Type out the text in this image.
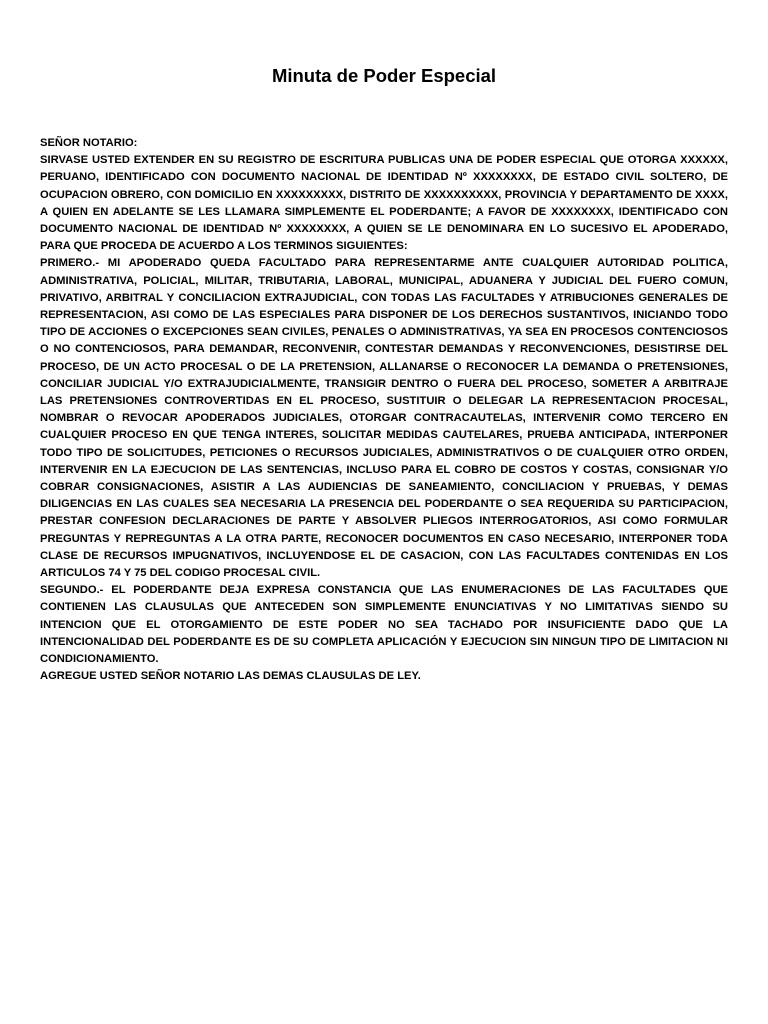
Minuta de Poder Especial

SEÑOR NOTARIO:

SIRVASE USTED EXTENDER EN SU REGISTRO DE ESCRITURA PUBLICAS UNA DE PODER ESPECIAL QUE OTORGA XXXXXX, PERUANO, IDENTIFICADO CON DOCUMENTO NACIONAL DE IDENTIDAD Nº XXXXXXXX, DE ESTADO CIVIL SOLTERO, DE OCUPACION OBRERO, CON DOMICILIO EN XXXXXXXXX, DISTRITO DE XXXXXXXXXX, PROVINCIA Y DEPARTAMENTO DE XXXX, A QUIEN EN ADELANTE SE LES LLAMARA SIMPLEMENTE EL PODERDANTE; A FAVOR DE XXXXXXXX, IDENTIFICADO CON DOCUMENTO NACIONAL DE IDENTIDAD Nº XXXXXXXX, A QUIEN SE LE DENOMINARA EN LO SUCESIVO EL APODERADO, PARA QUE PROCEDA DE ACUERDO A LOS TERMINOS SIGUIENTES:

PRIMERO.- MI APODERADO QUEDA FACULTADO PARA REPRESENTARME ANTE CUALQUIER AUTORIDAD POLITICA, ADMINISTRATIVA, POLICIAL, MILITAR, TRIBUTARIA, LABORAL, MUNICIPAL, ADUANERA Y JUDICIAL DEL FUERO COMUN, PRIVATIVO, ARBITRAL Y CONCILIACION EXTRAJUDICIAL, CON TODAS LAS FACULTADES Y ATRIBUCIONES GENERALES DE REPRESENTACION, ASI COMO DE LAS ESPECIALES PARA DISPONER DE LOS DERECHOS SUSTANTIVOS, INICIANDO TODO TIPO DE ACCIONES O EXCEPCIONES SEAN CIVILES, PENALES O ADMINISTRATIVAS, YA SEA EN PROCESOS CONTENCIOSOS O NO CONTENCIOSOS, PARA DEMANDAR, RECONVENIR, CONTESTAR DEMANDAS Y RECONVENCIONES, DESISTIRSE DEL PROCESO, DE UN ACTO PROCESAL O DE LA PRETENSION, ALLANARSE O RECONOCER LA DEMANDA O PRETENSIONES, CONCILIAR JUDICIAL Y/O EXTRAJUDICIALMENTE, TRANSIGIR DENTRO O FUERA DEL PROCESO, SOMETER A ARBITRAJE LAS PRETENSIONES CONTROVERTIDAS EN EL PROCESO, SUSTITUIR O DELEGAR LA REPRESENTACION PROCESAL, NOMBRAR O REVOCAR APODERADOS JUDICIALES, OTORGAR CONTRACAUTELAS, INTERVENIR COMO TERCERO EN CUALQUIER PROCESO EN QUE TENGA INTERES, SOLICITAR MEDIDAS CAUTELARES, PRUEBA ANTICIPADA, INTERPONER TODO TIPO DE SOLICITUDES, PETICIONES O RECURSOS JUDICIALES, ADMINISTRATIVOS O DE CUALQUIER OTRO ORDEN, INTERVENIR EN LA EJECUCION DE LAS SENTENCIAS, INCLUSO PARA EL COBRO DE COSTOS Y COSTAS, CONSIGNAR Y/O COBRAR CONSIGNACIONES, ASISTIR A LAS AUDIENCIAS DE SANEAMIENTO, CONCILIACION Y PRUEBAS, Y DEMAS DILIGENCIAS EN LAS CUALES SEA NECESARIA LA PRESENCIA DEL PODERDANTE O SEA REQUERIDA SU PARTICIPACION, PRESTAR CONFESION DECLARACIONES DE PARTE Y ABSOLVER PLIEGOS INTERROGATORIOS, ASI COMO FORMULAR PREGUNTAS Y REPREGUNTAS A LA OTRA PARTE, RECONOCER DOCUMENTOS EN CASO NECESARIO, INTERPONER TODA CLASE DE RECURSOS IMPUGNATIVOS, INCLUYENDOSE EL DE CASACION, CON LAS FACULTADES CONTENIDAS EN LOS ARTICULOS 74 Y 75 DEL CODIGO PROCESAL CIVIL.

SEGUNDO.- EL PODERDANTE DEJA EXPRESA CONSTANCIA QUE LAS ENUMERACIONES DE LAS FACULTADES QUE CONTIENEN LAS CLAUSULAS QUE ANTECEDEN SON SIMPLEMENTE ENUNCIATIVAS Y NO LIMITATIVAS SIENDO SU INTENCION QUE EL OTORGAMIENTO DE ESTE PODER NO SEA TACHADO POR INSUFICIENTE DADO QUE LA INTENCIONALIDAD DEL PODERDANTE ES DE SU COMPLETA APLICACIÓN Y EJECUCION SIN NINGUN TIPO DE LIMITACION NI CONDICIONAMIENTO.

AGREGUE USTED SEÑOR NOTARIO LAS DEMAS CLAUSULAS DE LEY.
